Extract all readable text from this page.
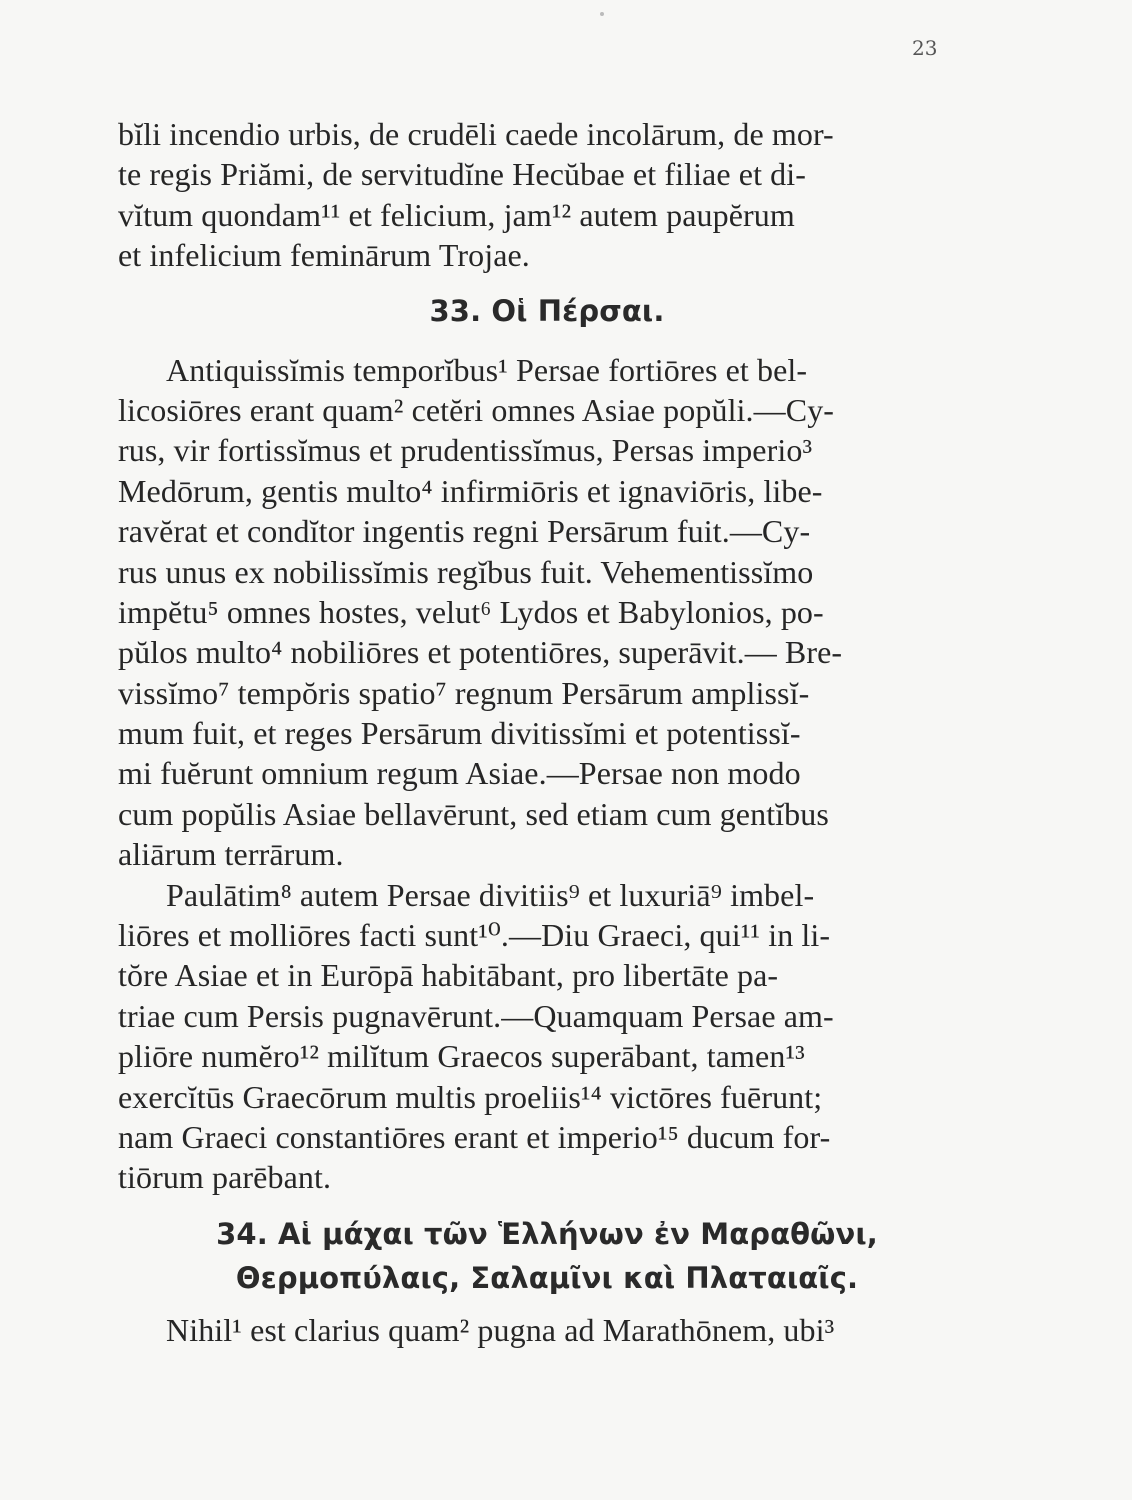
23
bĭli incendio urbis, de crudēli caede incolārum, de mor-
te regis Priămi, de servitudĭne Hecŭbae et filiae et di-
vĭtum quondam¹¹ et felicium, jam¹² autem paupĕrum
et infelicium feminārum Trojae.
33. Οἱ Πέρσαι.
Antiquissĭmis temporĭbus¹ Persae fortiōres et bel-
licosiōres erant quam² cetĕri omnes Asiae popŭli.—Cy-
rus, vir fortissĭmus et prudentissĭmus, Persas imperio³
Medōrum, gentis multo⁴ infirmiōris et ignaviōris, libe-
ravĕrat et condĭtor ingentis regni Persārum fuit.—Cy-
rus unus ex nobilissĭmis regĭbus fuit. Vehementissĭmo
impĕtu⁵ omnes hostes, velut⁶ Lydos et Babylonios, po-
pŭlos multo⁴ nobiliōres et potentiōres, superāvit.— Bre-
vissĭmo⁷ tempŏris spatio⁷ regnum Persārum amplissĭ-
mum fuit, et reges Persārum divitissĭmi et potentissĭ-
mi fuĕrunt omnium regum Asiae.—Persae non modo
cum popŭlis Asiae bellavērunt, sed etiam cum gentĭbus
aliārum terrārum.
Paulātim⁸ autem Persae divitiis⁹ et luxuriā⁹ imbel-
liōres et molliōres facti sunt¹⁰.—Diu Graeci, qui¹¹ in li-
tŏre Asiae et in Eurōpā habitābant, pro libertāte pa-
triae cum Persis pugnavērunt.—Quamquam Persae am-
pliōre numĕro¹² milĭtum Graecos superābant, tamen¹³
exercĭtūs Graecōrum multis proeliis¹⁴ victōres fuērunt;
nam Graeci constantiōres erant et imperio¹⁵ ducum for-
tiōrum parēbant.
34. Αἱ μάχαι τῶν Ἑλλήνων ἐν Μαραθῶνι,
Θερμοπύλαις, Σαλαμῖνι καὶ Πλαταιαῖς.
Nihil¹ est clarius quam² pugna ad Marathōnem, ubi³
